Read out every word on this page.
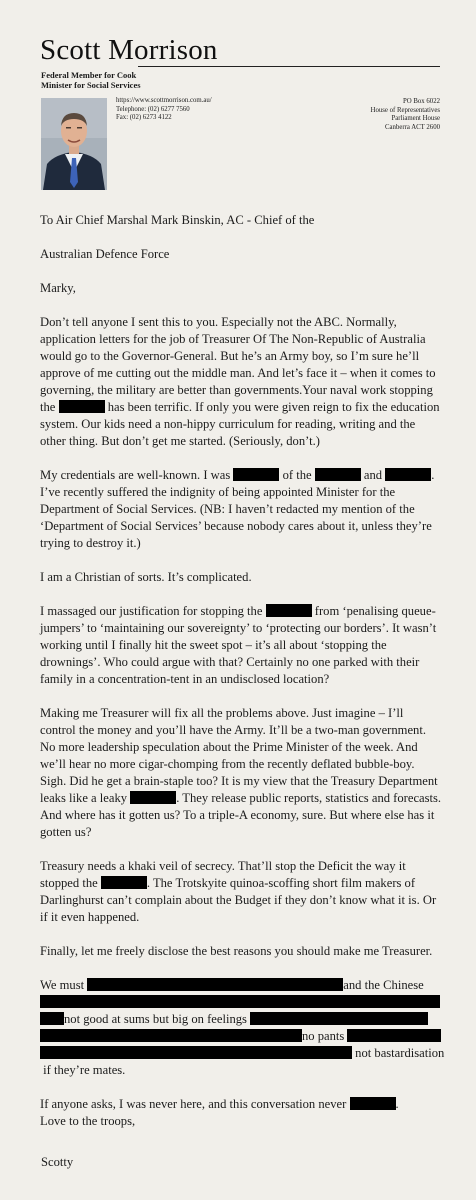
Scott Morrison
Federal Member for Cook
Minister for Social Services
https://www.scottmorrison.com.au/
Telephone: (02) 6277 7560
Fax: (02) 6273 4122
PO Box 6022
House of Representatives
Parliament House
Canberra ACT 2600

To Air Chief Marshal Mark Binskin, AC - Chief of the

Australian Defence Force

Marky,

Don’t tell anyone I sent this to you. Especially not the ABC. Normally, application letters for the job of Treasurer Of The Non-Republic of Australia would go to the Governor-General. But he’s an Army boy, so I’m sure he’ll approve of me cutting out the middle man. And let’s face it – when it comes to governing, the military are better than governments.Your naval work stopping the	has been terrific. If only you were given reign to fix the education system. Our kids need a non-hippy curriculum for reading, writing and the other thing. But don’t get me started. (Seriously, don’t.)

My credentials are well-known. I was	of the	and	. I’ve recently suffered the indignity of being appointed Minister for the Department of Social Services. (NB: I haven’t redacted my mention of the ‘Department of Social Services’ because nobody cares about it, unless they’re trying to destroy it.)

I am a Christian of sorts. It’s complicated.

I massaged our justification for stopping the	from ‘penalising queue-jumpers’ to ‘maintaining our sovereignty’ to ‘protecting our borders’. It wasn’t working until I finally hit the sweet spot – it’s all about ‘stopping the drownings’. Who could argue with that? Certainly no one parked with their family in a concentration-tent in an undisclosed location?

Making me Treasurer will fix all the problems above. Just imagine – I’ll control the money and you’ll have the Army. It’ll be a two-man government. No more leadership speculation about the Prime Minister of the week. And we’ll hear no more cigar-chomping from the recently deflated bubble-boy. Sigh. Did he get a brain-staple too? It is my view that the Treasury Department leaks like a leaky	. They release public reports, statistics and forecasts. And where has it gotten us? To a triple-A economy, sure. But where else has it gotten us?

Treasury needs a khaki veil of secrecy. That’ll stop the Deficit the way it stopped the	. The Trotskyite quinoa-scoffing short film makers of Darlinghurst can’t complain about the Budget if they don’t know what it is. Or if it even happened.

Finally, let me freely disclose the best reasons you should make me Treasurer.

We must	and the Chinese
not good at sums but big on feelings
no pants
not bastardisation
if they’re mates.

If anyone asks, I was never here, and this conversation never	.
Love to the troops,

Scotty
